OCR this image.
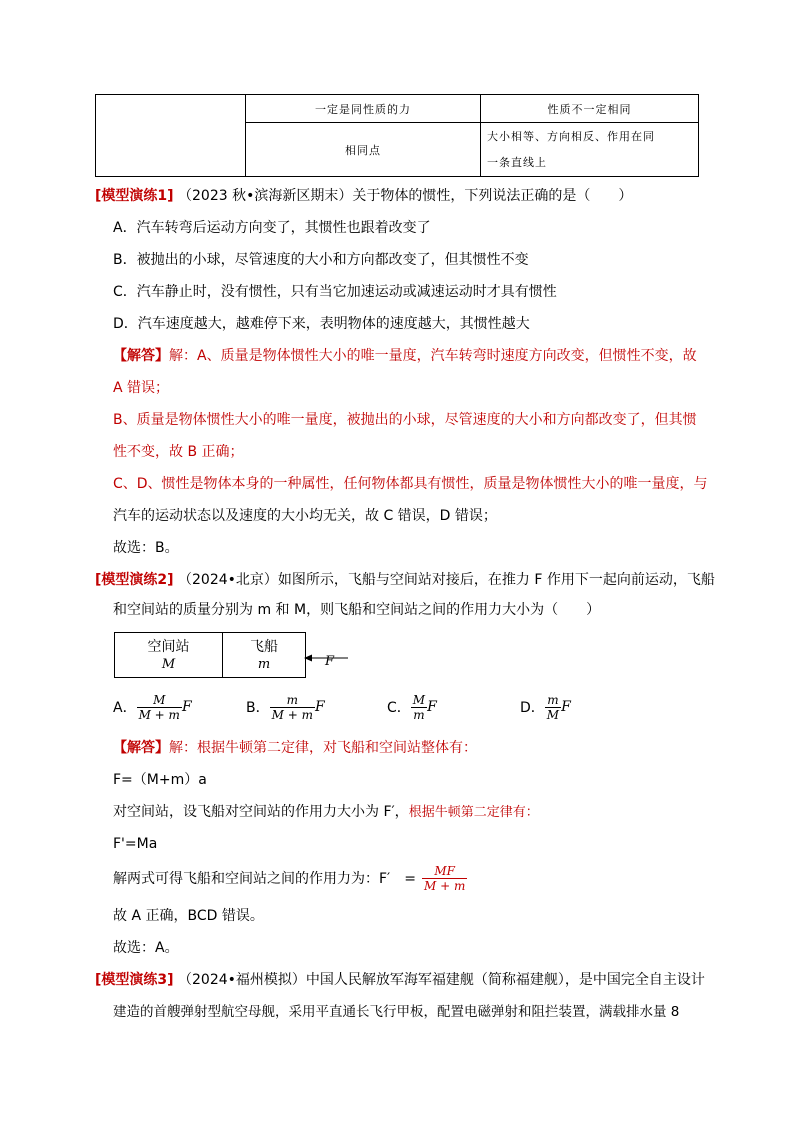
	一定是同性质的力	性质不一定相同
	相同点	大小相等、方向相反、作用在同
一条直线上
[模型演练1] （2023 秋•滨海新区期末）关于物体的惯性，下列说法正确的是（　　）
A．汽车转弯后运动方向变了，其惯性也跟着改变了
B．被抛出的小球，尽管速度的大小和方向都改变了，但其惯性不变
C．汽车静止时，没有惯性，只有当它加速运动或减速运动时才具有惯性
D．汽车速度越大，越难停下来，表明物体的速度越大，其惯性越大
【解答】解：A、质量是物体惯性大小的唯一量度，汽车转弯时速度方向改变，但惯性不变，故
A 错误；
B、质量是物体惯性大小的唯一量度，被抛出的小球，尽管速度的大小和方向都改变了，但其惯
性不变，故 B 正确；
C、D、惯性是物体本身的一种属性，任何物体都具有惯性，质量是物体惯性大小的唯一量度，与
汽车的运动状态以及速度的大小均无关，故 C 错误，D 错误；
故选：B。
[模型演练2] （2024•北京）如图所示，飞船与空间站对接后，在推力 F 作用下一起向前运动，飞船
和空间站的质量分别为 m 和 M，则飞船和空间站之间的作用力大小为（　　）
空间站
M
飞船
m	F
A． $\frac{M}{M + m}$ F	B． $\frac{m}{M + m}$ F	C． $\frac{M}{m}$ F	D． $\frac{m}{M}$ F
【解答】解：根据牛顿第二定律，对飞船和空间站整体有：
F=（M+m）a
对空间站，设飞船对空间站的作用力大小为 F′，根据牛顿第二定律有：
F'=Ma
解两式可得飞船和空间站之间的作用力为：F′　= $\frac{MF}{M + m}$
故 A 正确，BCD 错误。
故选：A。
[模型演练3] （2024•福州模拟）中国人民解放军海军福建舰（简称福建舰），是中国完全自主设计
建造的首艘弹射型航空母舰，采用平直通长飞行甲板，配置电磁弹射和阻拦装置，满载排水量 8
